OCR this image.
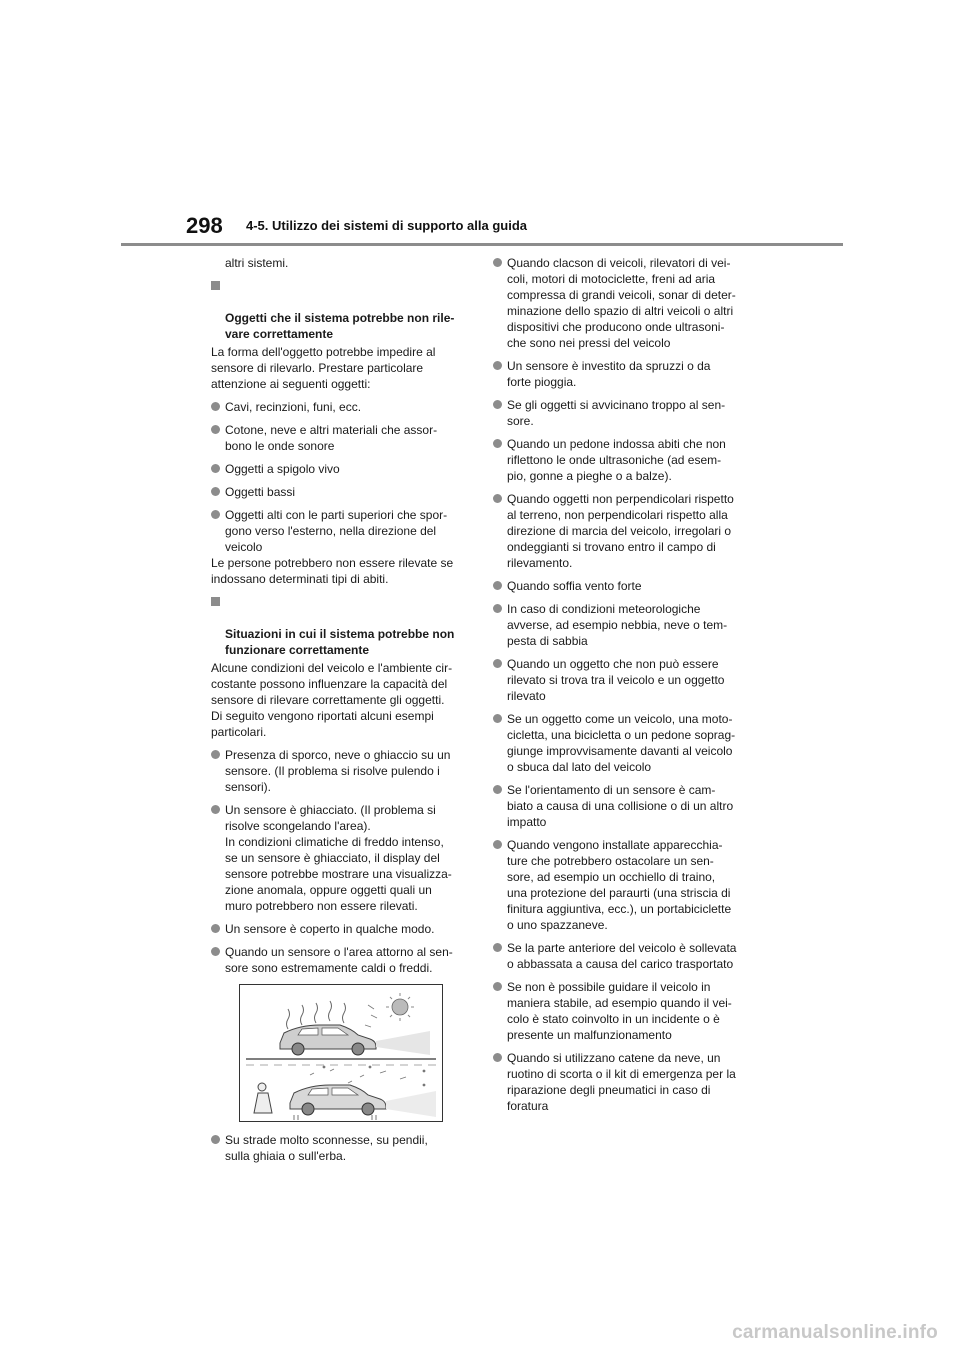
298 4-5. Utilizzo dei sistemi di supporto alla guida

altri sistemi.

Oggetti che il sistema potrebbe non rile-
vare correttamente

La forma dell'oggetto potrebbe impedire al
sensore di rilevarlo. Prestare particolare
attenzione ai seguenti oggetti:

Cavi, recinzioni, funi, ecc.
Cotone, neve e altri materiali che assor-
bono le onde sonore
Oggetti a spigolo vivo
Oggetti bassi
Oggetti alti con le parti superiori che spor-
gono verso l'esterno, nella direzione del
veicolo

Le persone potrebbero non essere rilevate se
indossano determinati tipi di abiti.

Situazioni in cui il sistema potrebbe non
funzionare correttamente

Alcune condizioni del veicolo e l'ambiente cir-
costante possono influenzare la capacità del
sensore di rilevare correttamente gli oggetti.
Di seguito vengono riportati alcuni esempi
particolari.

Presenza di sporco, neve o ghiaccio su un
sensore. (Il problema si risolve pulendo i
sensori).
Un sensore è ghiacciato. (Il problema si
risolve scongelando l'area).
In condizioni climatiche di freddo intenso,
se un sensore è ghiacciato, il display del
sensore potrebbe mostrare una visualizza-
zione anomala, oppure oggetti quali un
muro potrebbero non essere rilevati.
Un sensore è coperto in qualche modo.
Quando un sensore o l'area attorno al sen-
sore sono estremamente caldi o freddi.
Su strade molto sconnesse, su pendii,
sulla ghiaia o sull'erba.
Quando clacson di veicoli, rilevatori di vei-
coli, motori di motociclette, freni ad aria
compressa di grandi veicoli, sonar di deter-
minazione dello spazio di altri veicoli o altri
dispositivi che producono onde ultrasoni-
che sono nei pressi del veicolo
Un sensore è investito da spruzzi o da
forte pioggia.
Se gli oggetti si avvicinano troppo al sen-
sore.
Quando un pedone indossa abiti che non
riflettono le onde ultrasoniche (ad esem-
pio, gonne a pieghe o a balze).
Quando oggetti non perpendicolari rispetto
al terreno, non perpendicolari rispetto alla
direzione di marcia del veicolo, irregolari o
ondeggianti si trovano entro il campo di
rilevamento.
Quando soffia vento forte
In caso di condizioni meteorologiche
avverse, ad esempio nebbia, neve o tem-
pesta di sabbia
Quando un oggetto che non può essere
rilevato si trova tra il veicolo e un oggetto
rilevato
Se un oggetto come un veicolo, una moto-
cicletta, una bicicletta o un pedone soprag-
giunge improvvisamente davanti al veicolo
o sbuca dal lato del veicolo
Se l'orientamento di un sensore è cam-
biato a causa di una collisione o di un altro
impatto
Quando vengono installate apparecchia-
ture che potrebbero ostacolare un sen-
sore, ad esempio un occhiello di traino,
una protezione del paraurti (una striscia di
finitura aggiuntiva, ecc.), un portabiciclette
o uno spazzaneve.
Se la parte anteriore del veicolo è sollevata
o abbassata a causa del carico trasportato
Se non è possibile guidare il veicolo in
maniera stabile, ad esempio quando il vei-
colo è stato coinvolto in un incidente o è
presente un malfunzionamento
Quando si utilizzano catene da neve, un
ruotino di scorta o il kit di emergenza per la
riparazione degli pneumatici in caso di
foratura
carmanualsonline.info
